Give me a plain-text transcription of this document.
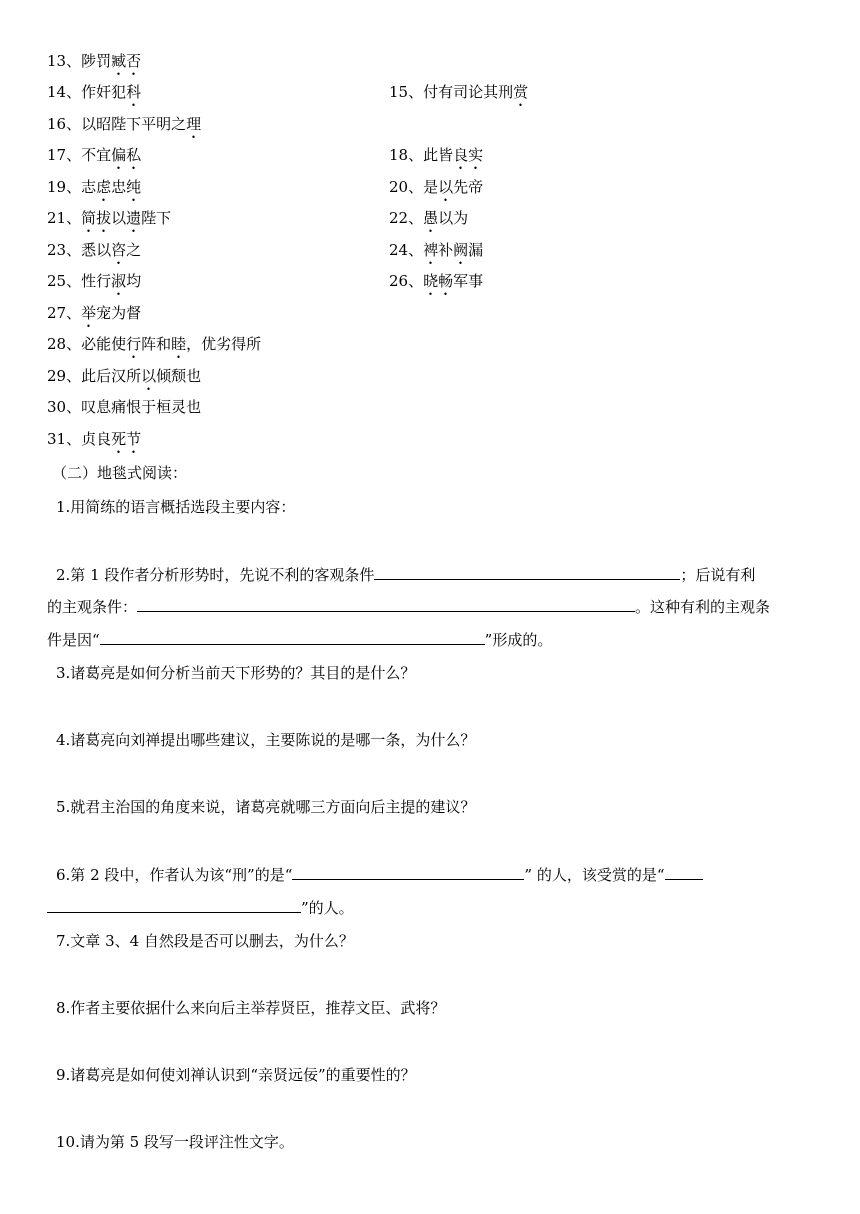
13、陟罚臧否
14、作奸犯科	15、付有司论其刑赏
16、以昭陛下平明之理
17、不宜偏私	18、此皆良实
19、志虑忠纯	20、是以先帝
21、简拔以遗陛下	22、愚以为
23、悉以咨之	24、裨补阙漏
25、性行淑均	26、晓畅军事
27、举宠为督
28、必能使行阵和睦，优劣得所
29、此后汉所以倾颓也
30、叹息痛恨于桓灵也
31、贞良死节
（二）地毯式阅读：
1.用简练的语言概括选段主要内容：
2.第 1 段作者分析形势时，先说不利的客观条件	；后说有利
的主观条件：	。这种有利的主观条
件是因“	”形成的。
3.诸葛亮是如何分析当前天下形势的？其目的是什么？
4.诸葛亮向刘禅提出哪些建议，主要陈说的是哪一条，为什么？
5.就君主治国的角度来说，诸葛亮就哪三方面向后主提的建议？
6.第 2 段中，作者认为该“刑”的是“	” 的人，该受赏的是“
”的人。
7.文章 3、4 自然段是否可以删去，为什么？
8.作者主要依据什么来向后主举荐贤臣，推荐文臣、武将？
9.诸葛亮是如何使刘禅认识到“亲贤远佞”的重要性的？
10.请为第 5 段写一段评注性文字。
